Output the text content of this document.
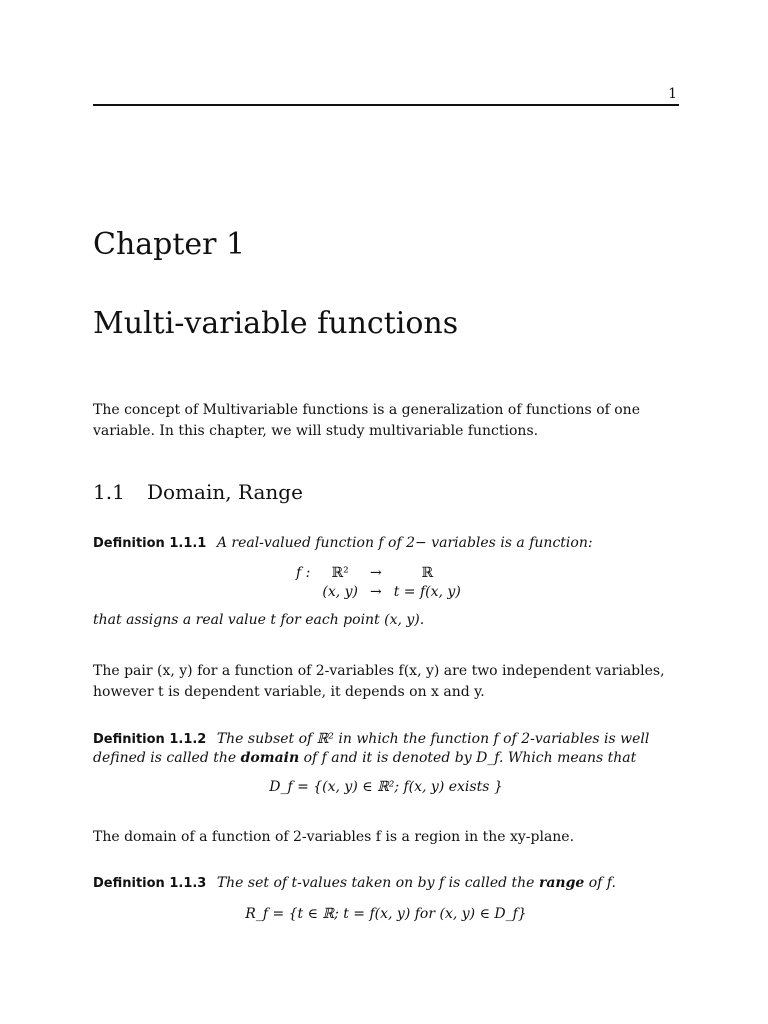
1
Chapter 1
Multi-variable functions

The concept of Multivariable functions is a generalization of functions of one variable. In this chapter, we will study multivariable functions.

1.1 Domain, Range

Definition 1.1.1 A real-valued function f of 2− variables is a function:

f :	ℝ²	→	ℝ
	(x, y)	→	t = f(x, y)

that assigns a real value t for each point (x, y).

The pair (x, y) for a function of 2-variables f(x, y) are two independent variables, however t is dependent variable, it depends on x and y.

Definition 1.1.2 The subset of ℝ² in which the function f of 2-variables is well defined is called the domain of f and it is denoted by D_f. Which means that

D_f = {(x, y) ∈ ℝ²; f(x, y) exists }

The domain of a function of 2-variables f is a region in the xy-plane.

Definition 1.1.3 The set of t-values taken on by f is called the range of f.

R_f = {t ∈ ℝ; t = f(x, y) for (x, y) ∈ D_f}
